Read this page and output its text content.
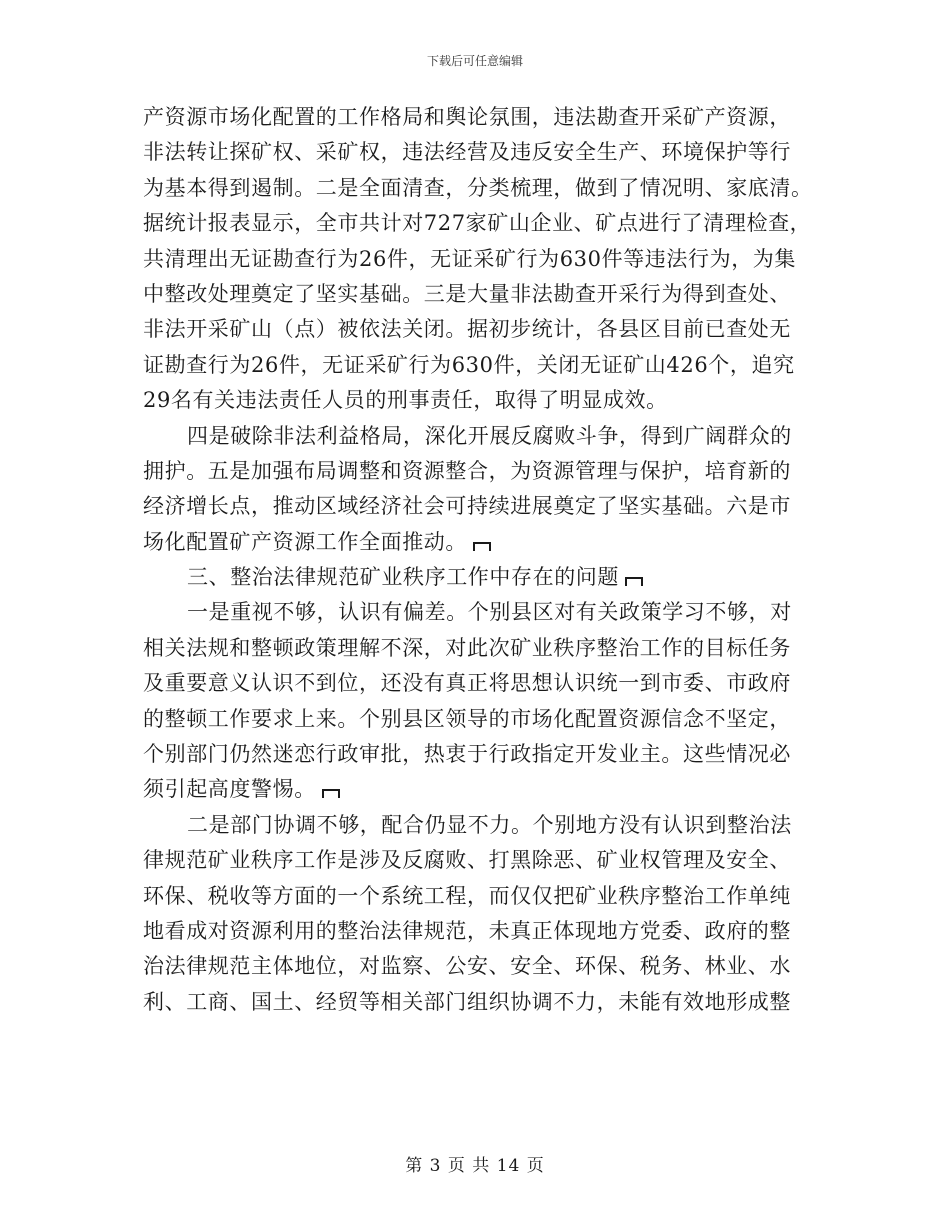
下载后可任意编辑
产资源市场化配置的工作格局和舆论氛围，违法勘查开采矿产资源，
非法转让探矿权、采矿权，违法经营及违反安全生产、环境保护等行
为基本得到遏制。二是全面清查，分类梳理，做到了情况明、家底清。
据统计报表显示，全市共计对727家矿山企业、矿点进行了清理检查，
共清理出无证勘查行为26件，无证采矿行为630件等违法行为，为集
中整改处理奠定了坚实基础。三是大量非法勘查开采行为得到查处、
非法开采矿山（点）被依法关闭。据初步统计，各县区目前已查处无
证勘查行为26件，无证采矿行为630件，关闭无证矿山426个，追究
29名有关违法责任人员的刑事责任，取得了明显成效。
四是破除非法利益格局，深化开展反腐败斗争，得到广阔群众的
拥护。五是加强布局调整和资源整合，为资源管理与保护，培育新的
经济增长点，推动区域经济社会可持续进展奠定了坚实基础。六是市
场化配置矿产资源工作全面推动。
三、整治法律规范矿业秩序工作中存在的问题
一是重视不够，认识有偏差。个别县区对有关政策学习不够，对
相关法规和整顿政策理解不深，对此次矿业秩序整治工作的目标任务
及重要意义认识不到位，还没有真正将思想认识统一到市委、市政府
的整顿工作要求上来。个别县区领导的市场化配置资源信念不坚定，
个别部门仍然迷恋行政审批，热衷于行政指定开发业主。这些情况必
须引起高度警惕。
二是部门协调不够，配合仍显不力。个别地方没有认识到整治法
律规范矿业秩序工作是涉及反腐败、打黑除恶、矿业权管理及安全、
环保、税收等方面的一个系统工程，而仅仅把矿业秩序整治工作单纯
地看成对资源利用的整治法律规范，未真正体现地方党委、政府的整
治法律规范主体地位，对监察、公安、安全、环保、税务、林业、水
利、工商、国土、经贸等相关部门组织协调不力，未能有效地形成整
第 3 页 共 14 页
